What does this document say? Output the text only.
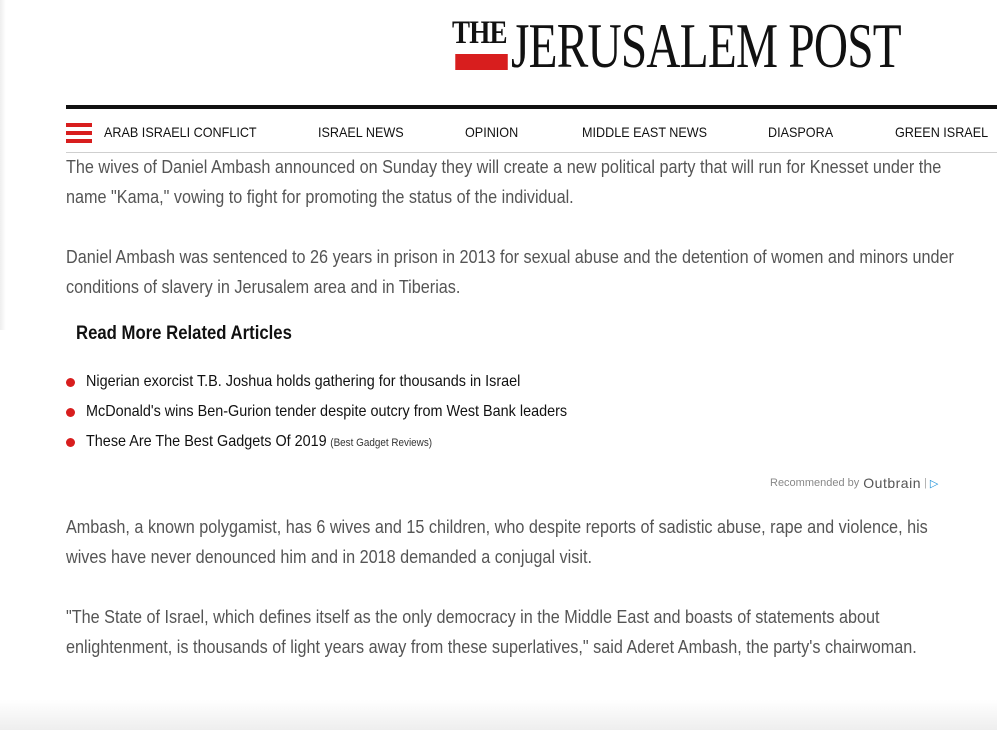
THE JERUSALEM POST
ARAB ISRAELI CONFLICT	ISRAEL NEWS	OPINION	MIDDLE EAST NEWS	DIASPORA	GREEN ISRAEL
The wives of Daniel Ambash announced on Sunday they will create a new political party that will run for Knesset under the name "Kama," vowing to fight for promoting the status of the individual.
Daniel Ambash was sentenced to 26 years in prison in 2013 for sexual abuse and the detention of women and minors under conditions of slavery in Jerusalem area and in Tiberias.
Read More Related Articles
Nigerian exorcist T.B. Joshua holds gathering for thousands in Israel
McDonald's wins Ben-Gurion tender despite outcry from West Bank leaders
These Are The Best Gadgets Of 2019 (Best Gadget Reviews)
Recommended by Outbrain | ▷
Ambash, a known polygamist, has 6 wives and 15 children, who despite reports of sadistic abuse, rape and violence, his wives have never denounced him and in 2018 demanded a conjugal visit.
"The State of Israel, which defines itself as the only democracy in the Middle East and boasts of statements about enlightenment, is thousands of light years away from these superlatives," said Aderet Ambash, the party's chairwoman.
